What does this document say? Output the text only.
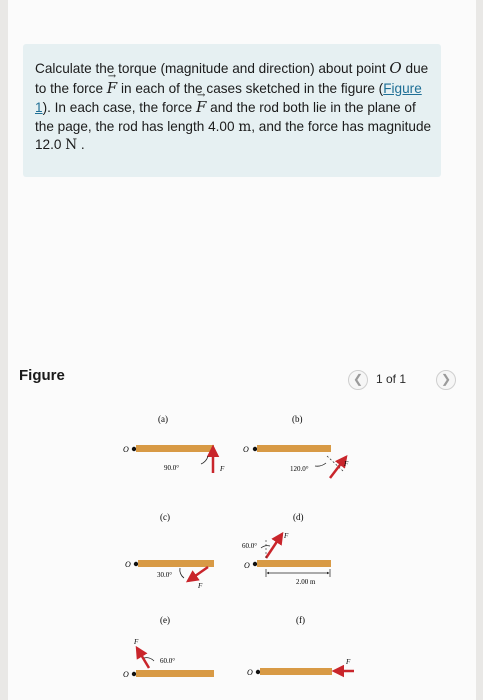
Calculate the torque (magnitude and direction) about point O due to the force → F in each of the cases sketched in the figure (Figure 1). In each case, the force → F and the rod both lie in the plane of the page, the rod has length 4.00 m, and the force has magnitude 12.0 N .
Figure	❮	1 of 1	❯
(a)
O
90.0°	F
(b)
O
120.0°
F
(c)
O
30.0°
F
(d)
O
60.0°
F
2.00 m
(e)
O
60.0°
F
(f)
O
F
